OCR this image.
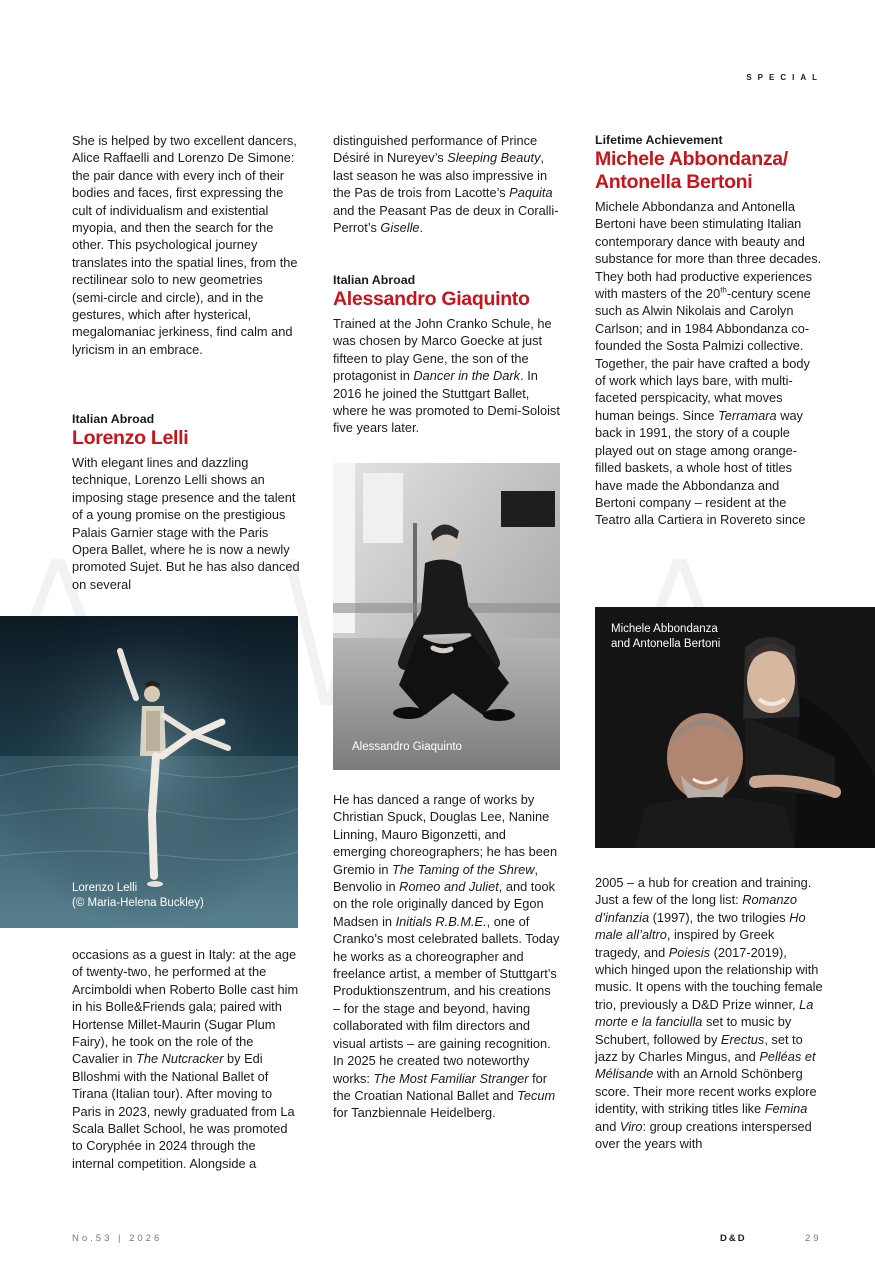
SPECIAL

She is helped by two excellent dancers, Alice Raffaelli and Lorenzo De Simone: the pair dance with every inch of their bodies and faces, first expressing the cult of individualism and existential myopia, and then the search for the other. This psychological journey translates into the spatial lines, from the rectilinear solo to new geometries (semi-circle and circle), and in the gestures, which after hysterical, megalomaniac jerkiness, find calm and lyricism in an embrace.

Italian Abroad
Lorenzo Lelli

With elegant lines and dazzling technique, Lorenzo Lelli shows an imposing stage presence and the talent of a young promise on the prestigious Palais Garnier stage with the Paris Opera Ballet, where he is now a newly promoted Sujet. But he has also danced on several

Lorenzo Lelli
(© Maria-Helena Buckley)

occasions as a guest in Italy: at the age of twenty-two, he performed at the Arcimboldi when Roberto Bolle cast him in his Bolle&Friends gala; paired with Hortense Millet-Maurin (Sugar Plum Fairy), he took on the role of the Cavalier in The Nutcracker by Edi Blloshmi with the National Ballet of Tirana (Italian tour). After moving to Paris in 2023, newly graduated from La Scala Ballet School, he was promoted to Coryphée in 2024 through the internal competition. Alongside a

distinguished performance of Prince Désiré in Nureyev’s Sleeping Beauty, last season he was also impressive in the Pas de trois from Lacotte’s Paquita and the Peasant Pas de deux in Coralli-Perrot’s Giselle.

Italian Abroad
Alessandro Giaquinto

Trained at the John Cranko Schule, he was chosen by Marco Goecke at just fifteen to play Gene, the son of the protagonist in Dancer in the Dark. In 2016 he joined the Stuttgart Ballet, where he was promoted to Demi-Soloist five years later.

Alessandro Giaquinto

He has danced a range of works by Christian Spuck, Douglas Lee, Nanine Linning, Mauro Bigonzetti, and emerging choreographers; he has been Gremio in The Taming of the Shrew, Benvolio in Romeo and Juliet, and took on the role originally danced by Egon Madsen in Initials R.B.M.E., one of Cranko’s most celebrated ballets. Today he works as a choreographer and freelance artist, a member of Stuttgart’s Produktionszentrum, and his creations – for the stage and beyond, having collaborated with film directors and visual artists – are gaining recognition. In 2025 he created two noteworthy works: The Most Familiar Stranger for the Croatian National Ballet and Tecum for Tanzbiennale Heidelberg.

Lifetime Achievement
Michele Abbondanza/
Antonella Bertoni

Michele Abbondanza and Antonella Bertoni have been stimulating Italian contemporary dance with beauty and substance for more than three decades. They both had productive experiences with masters of the 20th-century scene such as Alwin Nikolais and Carolyn Carlson; and in 1984 Abbondanza co-founded the Sosta Palmizi collective. Together, the pair have crafted a body of work which lays bare, with multi-faceted perspicacity, what moves human beings. Since Terramara way back in 1991, the story of a couple played out on stage among orange-filled baskets, a whole host of titles have made the Abbondanza and Bertoni company – resident at the Teatro alla Cartiera in Rovereto since

Michele Abbondanza
and Antonella Bertoni

2005 – a hub for creation and training. Just a few of the long list: Romanzo d’infanzia (1997), the two trilogies Ho male all’altro, inspired by Greek tragedy, and Poiesis (2017-2019), which hinged upon the relationship with music. It opens with the touching female trio, previously a D&D Prize winner, La morte e la fanciulla set to music by Schubert, followed by Erectus, set to jazz by Charles Mingus, and Pelléas et Mélisande with an Arnold Schönberg score. Their more recent works explore identity, with striking titles like Femina and Viro: group creations interspersed over the years with

No.53 | 2026	D&D	29
